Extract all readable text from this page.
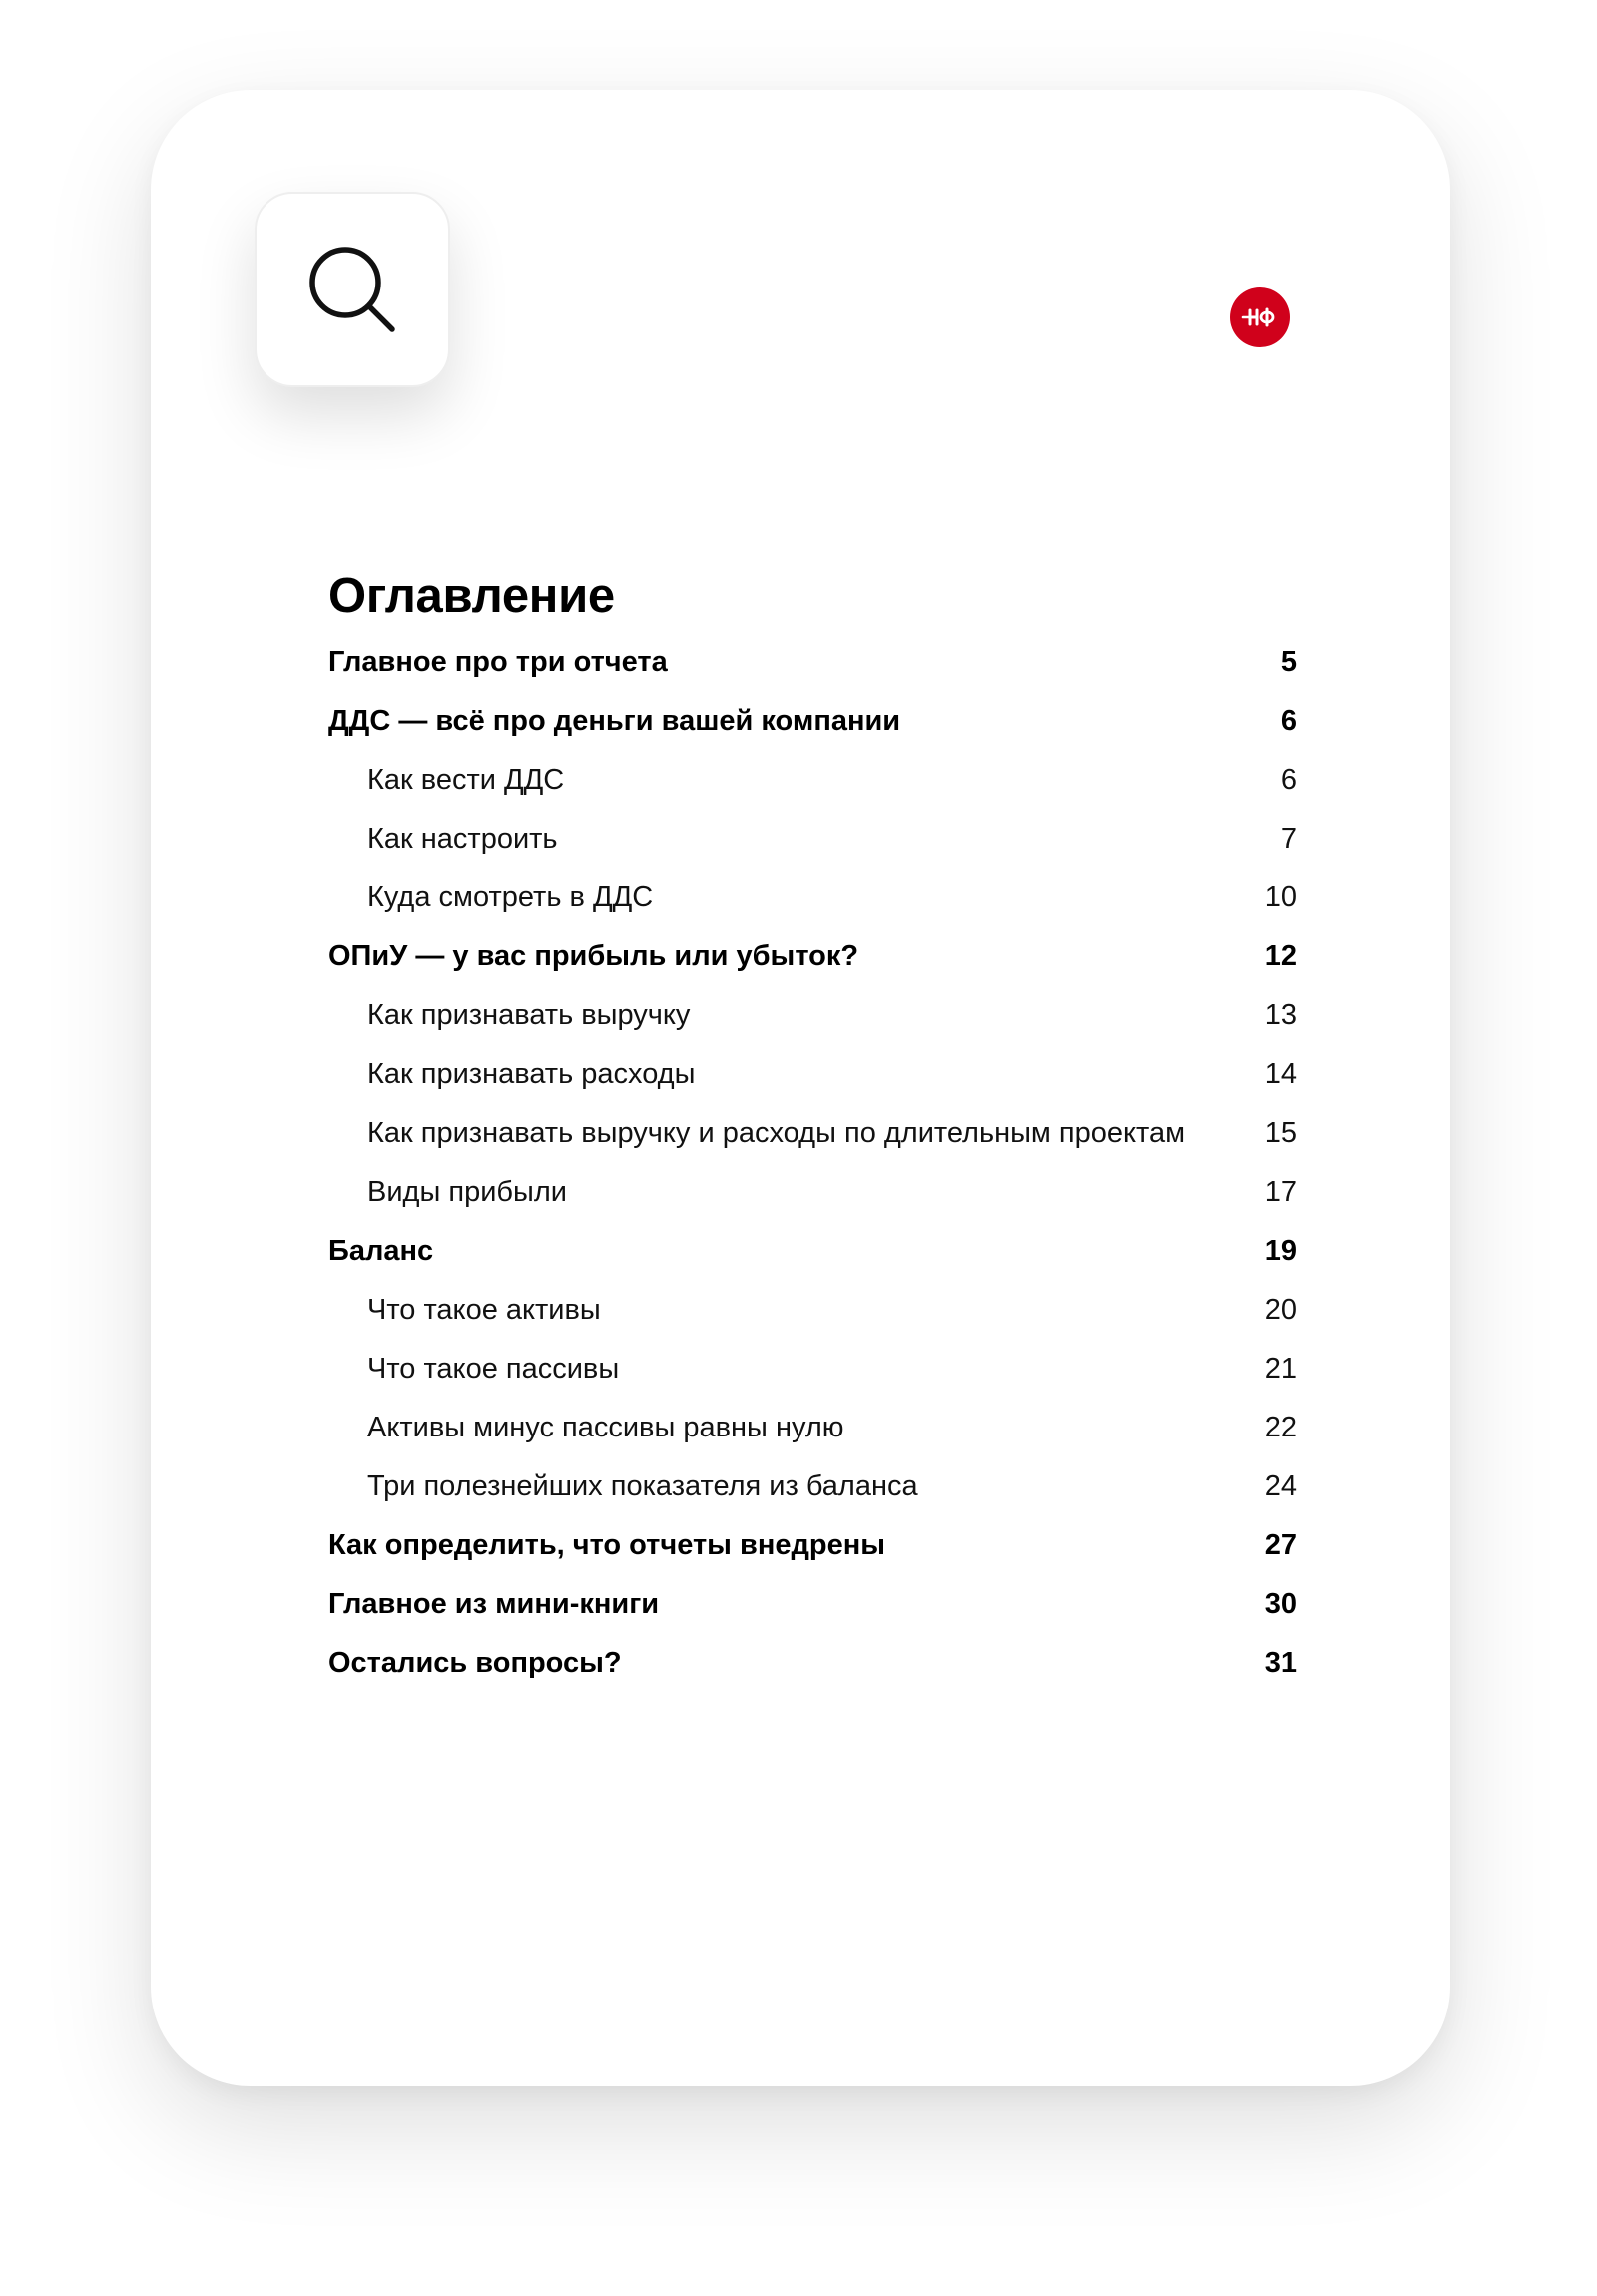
Оглавление
Главное про три отчета	5
ДДС — всё про деньги вашей компании	6
Как вести ДДС	6
Как настроить	7
Куда смотреть в ДДС	10
ОПиУ — у вас прибыль или убыток?	12
Как признавать выручку	13
Как признавать расходы	14
Как признавать выручку и расходы по длительным проектам	15
Виды прибыли	17
Баланс	19
Что такое активы	20
Что такое пассивы	21
Активы минус пассивы равны нулю	22
Три полезнейших показателя из баланса	24
Как определить, что отчеты внедрены	27
Главное из мини-книги	30
Остались вопросы?	31
